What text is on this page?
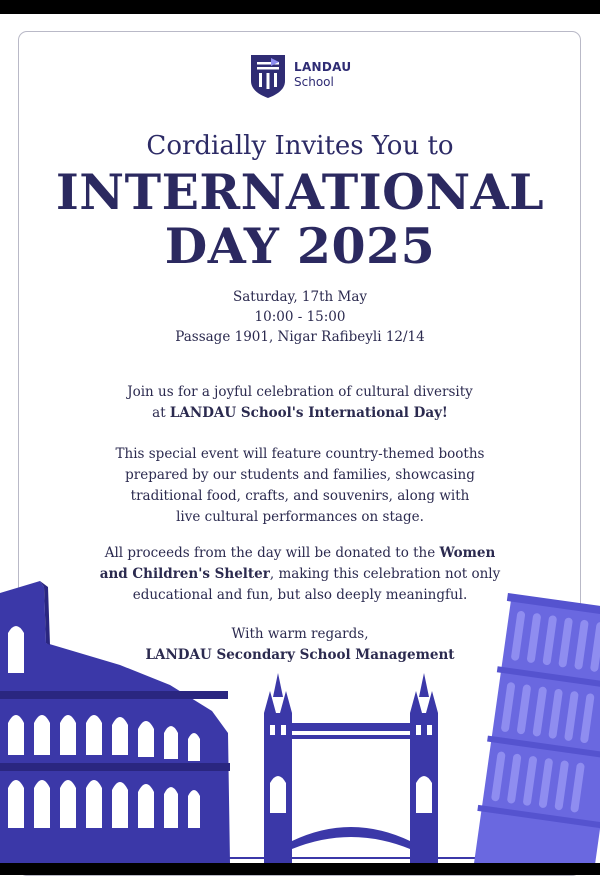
LANDAU
School
Cordially Invites You to
INTERNATIONAL
DAY 2025
Saturday, 17th May
10:00 - 15:00
Passage 1901, Nigar Rafibeyli 12/14
Join us for a joyful celebration of cultural diversity
at LANDAU School's International Day!
This special event will feature country-themed booths
prepared by our students and families, showcasing
traditional food, crafts, and souvenirs, along with
live cultural performances on stage.
All proceeds from the day will be donated to the Women
and Children's Shelter, making this celebration not only
educational and fun, but also deeply meaningful.
With warm regards,
LANDAU Secondary School Management
